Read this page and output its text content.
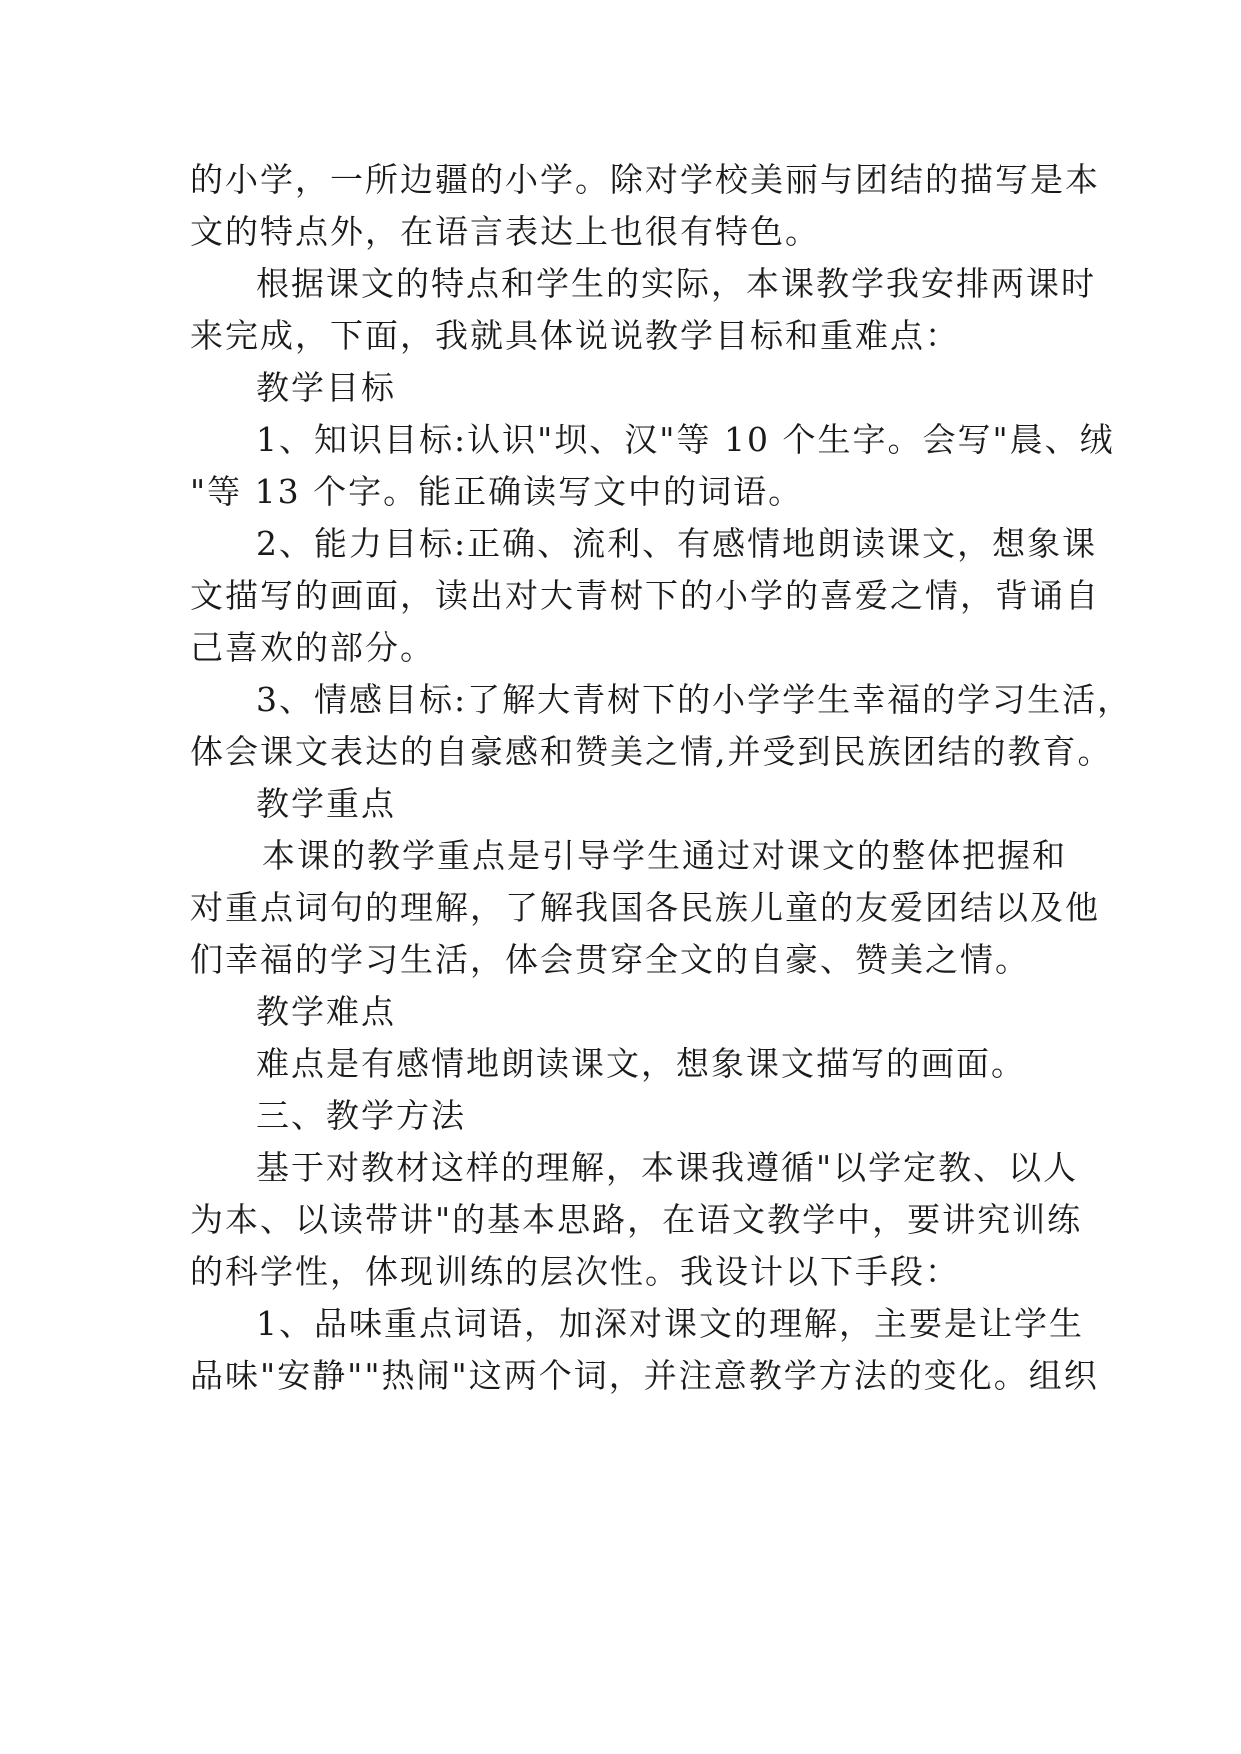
的小学，一所边疆的小学。除对学校美丽与团结的描写是本
文的特点外，在语言表达上也很有特色。
根据课文的特点和学生的实际，本课教学我安排两课时
来完成，下面，我就具体说说教学目标和重难点：
教学目标
1、知识目标:认识"坝、汉"等 10 个生字。会写"晨、绒
"等 13 个字。能正确读写文中的词语。
2、能力目标:正确、流利、有感情地朗读课文，想象课
文描写的画面，读出对大青树下的小学的喜爱之情，背诵自
己喜欢的部分。
3、情感目标:了解大青树下的小学学生幸福的学习生活，
体会课文表达的自豪感和赞美之情,并受到民族团结的教育。
教学重点
本课的教学重点是引导学生通过对课文的整体把握和
对重点词句的理解，了解我国各民族儿童的友爱团结以及他
们幸福的学习生活，体会贯穿全文的自豪、赞美之情。
教学难点
难点是有感情地朗读课文，想象课文描写的画面。
三、教学方法
基于对教材这样的理解，本课我遵循"以学定教、以人
为本、以读带讲"的基本思路，在语文教学中，要讲究训练
的科学性，体现训练的层次性。我设计以下手段：
1、品味重点词语，加深对课文的理解，主要是让学生
品味"安静""热闹"这两个词，并注意教学方法的变化。组织
